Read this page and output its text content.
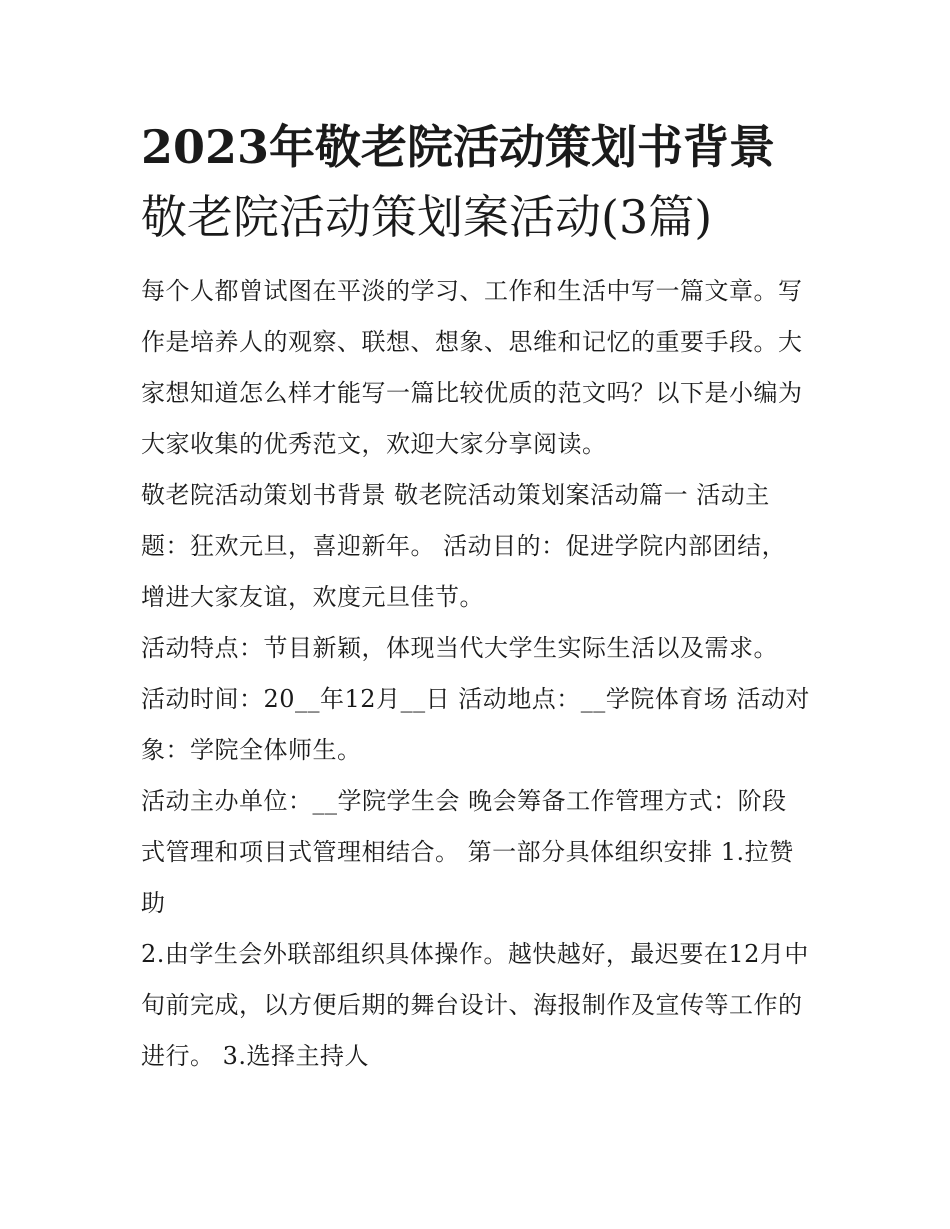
2023年敬老院活动策划书背景
敬老院活动策划案活动(3篇)

每个人都曾试图在平淡的学习、工作和生活中写一篇文章。写
作是培养人的观察、联想、想象、思维和记忆的重要手段。大
家想知道怎么样才能写一篇比较优质的范文吗？以下是小编为
大家收集的优秀范文，欢迎大家分享阅读。

敬老院活动策划书背景 敬老院活动策划案活动篇一 活动主
题：狂欢元旦，喜迎新年。 活动目的：促进学院内部团结，
增进大家友谊，欢度元旦佳节。

活动特点：节目新颖，体现当代大学生实际生活以及需求。

活动时间：20__年12月__日 活动地点：__学院体育场 活动对
象：学院全体师生。

活动主办单位：__学院学生会 晚会筹备工作管理方式：阶段
式管理和项目式管理相结合。 第一部分具体组织安排 1.拉赞
助

2.由学生会外联部组织具体操作。越快越好，最迟要在12月中
旬前完成，以方便后期的舞台设计、海报制作及宣传等工作的
进行。 3.选择主持人
